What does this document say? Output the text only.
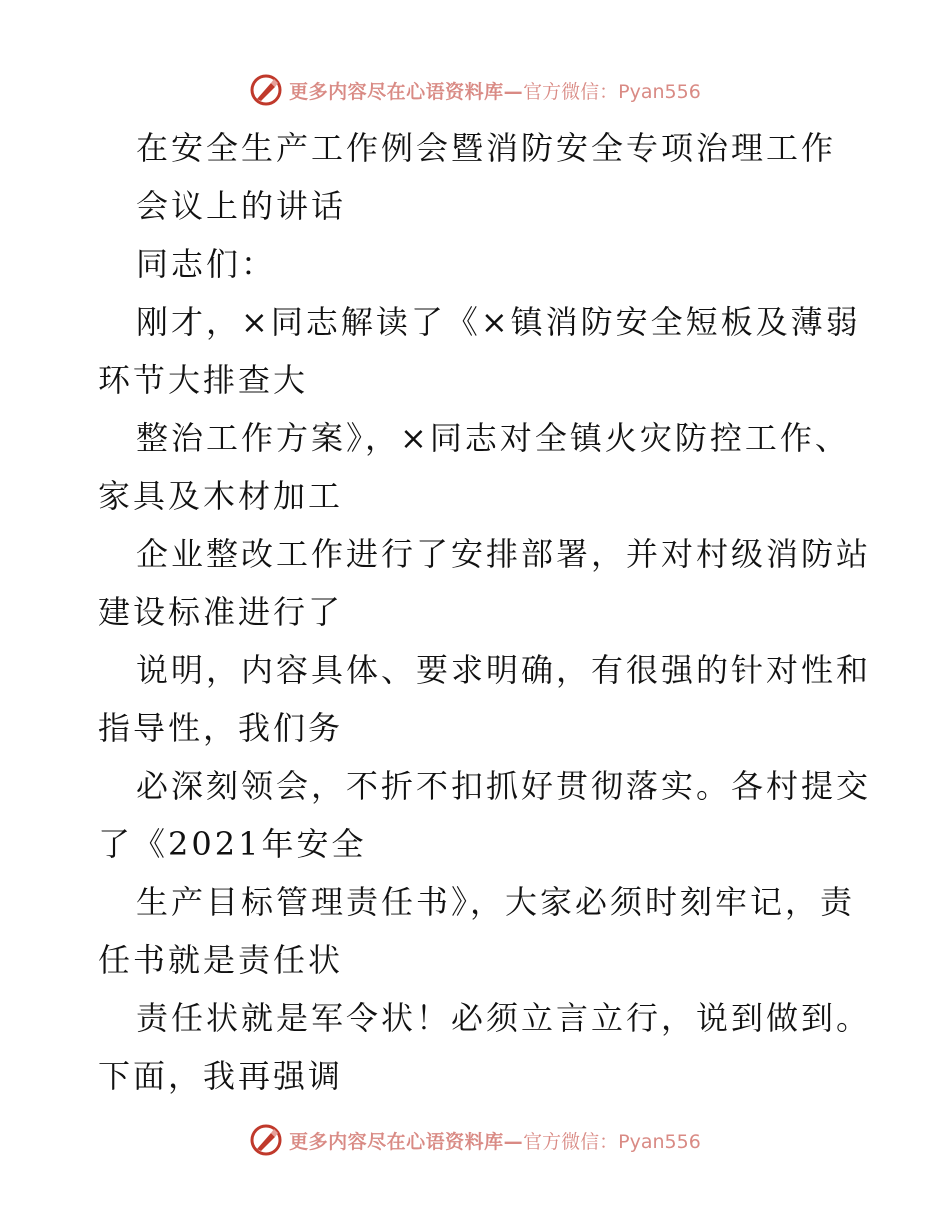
更多内容尽在心语资料库— 官方微信：Pyan556
在安全生产工作例会暨消防安全专项治理工作
会议上的讲话
同志们：
刚才，×同志解读了《×镇消防安全短板及薄弱
环节大排查大
整治工作方案》，×同志对全镇火灾防控工作、
家具及木材加工
企业整改工作进行了安排部署，并对村级消防站
建设标准进行了
说明，内容具体、要求明确，有很强的针对性和
指导性，我们务
必深刻领会，不折不扣抓好贯彻落实。各村提交
了《2021年安全
生产目标管理责任书》，大家必须时刻牢记，责
任书就是责任状
责任状就是军令状！必须立言立行，说到做到。
下面，我再强调
更多内容尽在心语资料库— 官方微信：Pyan556
